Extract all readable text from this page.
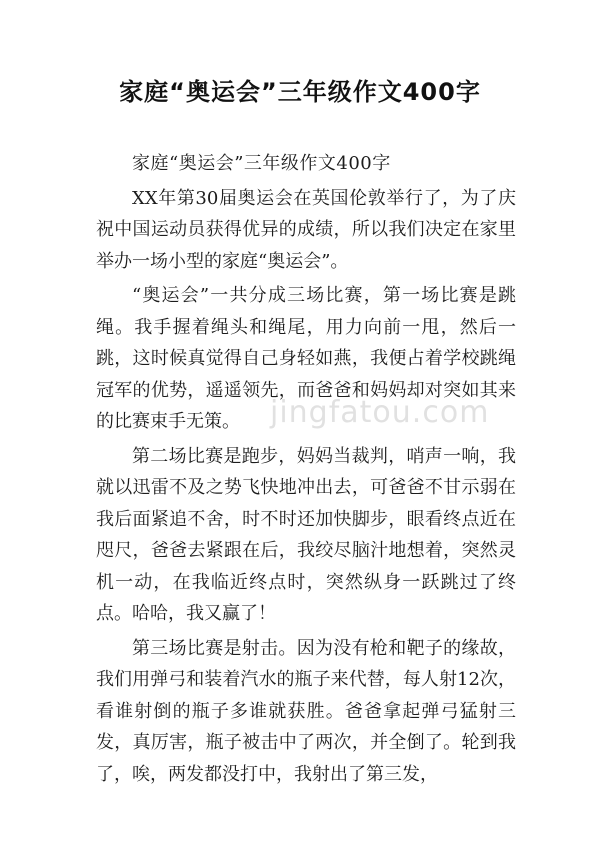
家庭“奥运会”三年级作文400字

家庭“奥运会”三年级作文400字

XX年第30届奥运会在英国伦敦举行了，为了庆祝中国运动员获得优异的成绩，所以我们决定在家里举办一场小型的家庭“奥运会”。

“奥运会”一共分成三场比赛，第一场比赛是跳绳。我手握着绳头和绳尾，用力向前一甩，然后一跳，这时候真觉得自己身轻如燕，我便占着学校跳绳冠军的优势，遥遥领先，而爸爸和妈妈却对突如其来的比赛束手无策。

第二场比赛是跑步，妈妈当裁判，哨声一响，我就以迅雷不及之势飞快地冲出去，可爸爸不甘示弱在我后面紧追不舍，时不时还加快脚步，眼看终点近在咫尺，爸爸去紧跟在后，我绞尽脑汁地想着，突然灵机一动，在我临近终点时，突然纵身一跃跳过了终点。哈哈，我又赢了！

第三场比赛是射击。因为没有枪和靶子的缘故，我们用弹弓和装着汽水的瓶子来代替，每人射12次，看谁射倒的瓶子多谁就获胜。爸爸拿起弹弓猛射三发，真厉害，瓶子被击中了两次，并全倒了。轮到我了，唉，两发都没打中，我射出了第三发，

jingfatou.com
